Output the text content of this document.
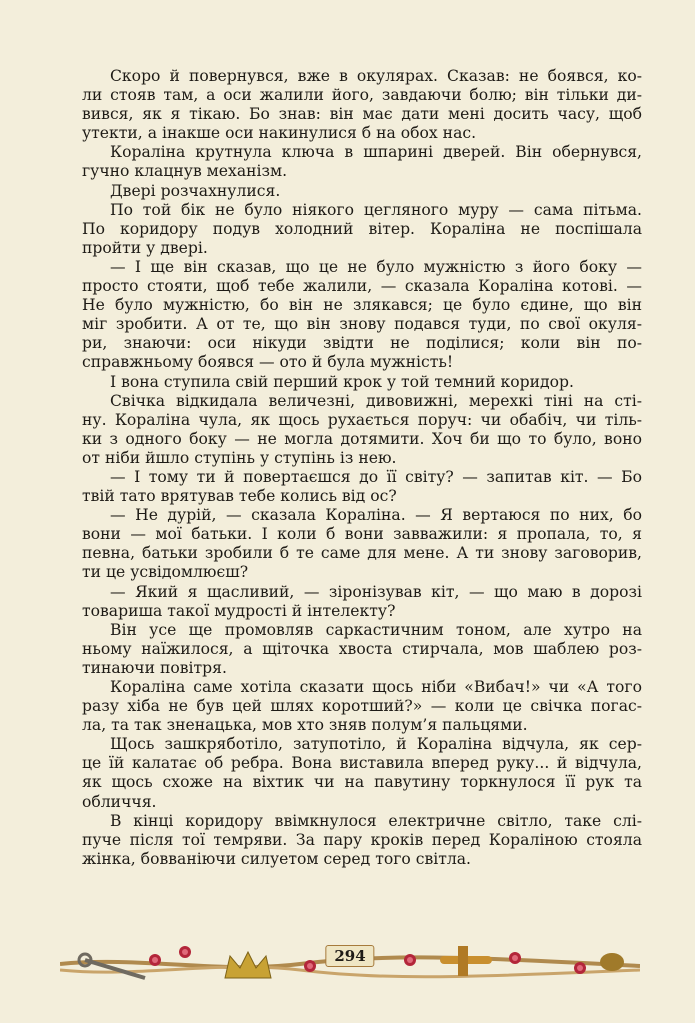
Скоро й повернувся, вже в окулярах. Сказав: не боявся, ко- ли стояв там, а оси жалили його, завдаючи болю; він тільки ди- вився, як я тікаю. Бо знав: він має дати мені досить часу, щоб утекти, а інакше оси накинулися б на обох нас.

Кораліна крутнула ключа в шпарині дверей. Він обернувся, гучно клацнув механізм.

Двері розчахнулися.

По той бік не було ніякого цегляного муру — сама пітьма. По коридору подув холодний вітер. Кораліна не поспішала пройти у двері.

— І ще він сказав, що це не було мужністю з його боку — просто стояти, щоб тебе жалили, — сказала Кораліна котові. — Не було мужністю, бо він не злякався; це було єдине, що він міг зробити. А от те, що він знову подався туди, по свої окуля- ри, знаючи: оси нікуди звідти не поділися; коли він по- справжньому боявся — ото й була мужність!

І вона ступила свій перший крок у той темний коридор.

Свічка відкидала величезні, дивовижні, мерехкі тіні на сті- ну. Кораліна чула, як щось рухається поруч: чи обабіч, чи тіль- ки з одного боку — не могла дотямити. Хоч би що то було, воно от ніби йшло ступінь у ступінь із нею.

— І тому ти й повертаєшся до її світу? — запитав кіт. — Бо твій тато врятував тебе колись від ос?

— Не дурій, — сказала Кораліна. — Я вертаюся по них, бо вони — мої батьки. І коли б вони завважили: я пропала, то, я певна, батьки зробили б те саме для мене. А ти знову заговорив, ти це усвідомлюєш?

— Який я щасливий, — зіронізував кіт, — що маю в дорозі товариша такої мудрості й інтелекту?

Він усе ще промовляв саркастичним тоном, але хутро на ньому наїжилося, а щіточка хвоста стирчала, мов шаблею роз- тинаючи повітря.

Кораліна саме хотіла сказати щось ніби «Вибач!» чи «А того разу хіба не був цей шлях коротший?» — коли це свічка погас- ла, та так зненацька, мов хто зняв полум’я пальцями.

Щось зашкряботіло, затупотіло, й Кораліна відчула, як сер- це їй калатає об ребра. Вона виставила вперед руку... й відчула, як щось схоже на віхтик чи на павутину торкнулося її рук та обличчя.

В кінці коридору ввімкнулося електричне світло, таке слі- пуче після тої темряви. За пару кроків перед Кораліною стояла жінка, бовваніючи силуетом серед того світла.

294
